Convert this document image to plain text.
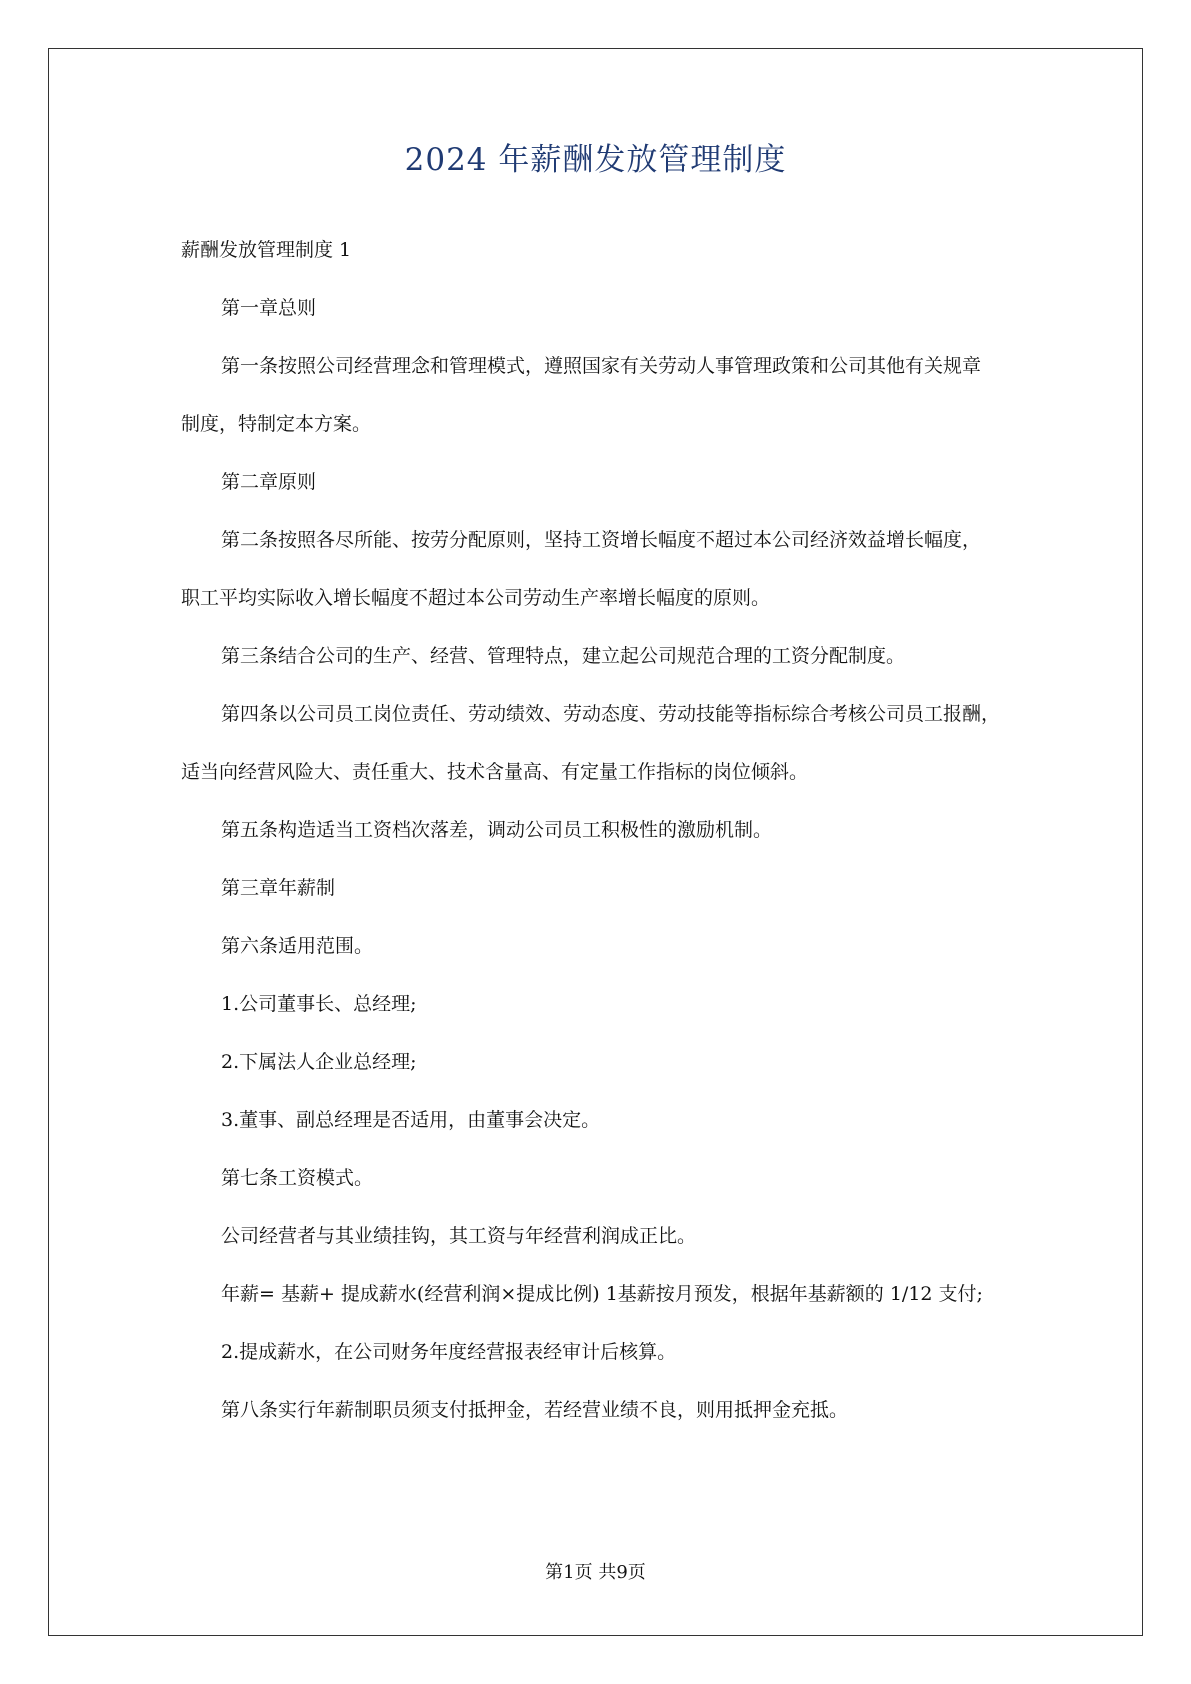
2024 年薪酬发放管理制度
薪酬发放管理制度 1
第一章总则
第一条按照公司经营理念和管理模式，遵照国家有关劳动人事管理政策和公司其他有关规章
制度，特制定本方案。
第二章原则
第二条按照各尽所能、按劳分配原则，坚持工资增长幅度不超过本公司经济效益增长幅度，
职工平均实际收入增长幅度不超过本公司劳动生产率增长幅度的原则。
第三条结合公司的生产、经营、管理特点，建立起公司规范合理的工资分配制度。
第四条以公司员工岗位责任、劳动绩效、劳动态度、劳动技能等指标综合考核公司员工报酬，
适当向经营风险大、责任重大、技术含量高、有定量工作指标的岗位倾斜。
第五条构造适当工资档次落差，调动公司员工积极性的激励机制。
第三章年薪制
第六条适用范围。
1.公司董事长、总经理;
2.下属法人企业总经理;
3.董事、副总经理是否适用，由董事会决定。
第七条工资模式。
公司经营者与其业绩挂钩，其工资与年经营利润成正比。
年薪= 基薪+ 提成薪水(经营利润×提成比例) 1基薪按月预发，根据年基薪额的 1/12 支付;
2.提成薪水，在公司财务年度经营报表经审计后核算。
第八条实行年薪制职员须支付抵押金，若经营业绩不良，则用抵押金充抵。
第1页 共9页
